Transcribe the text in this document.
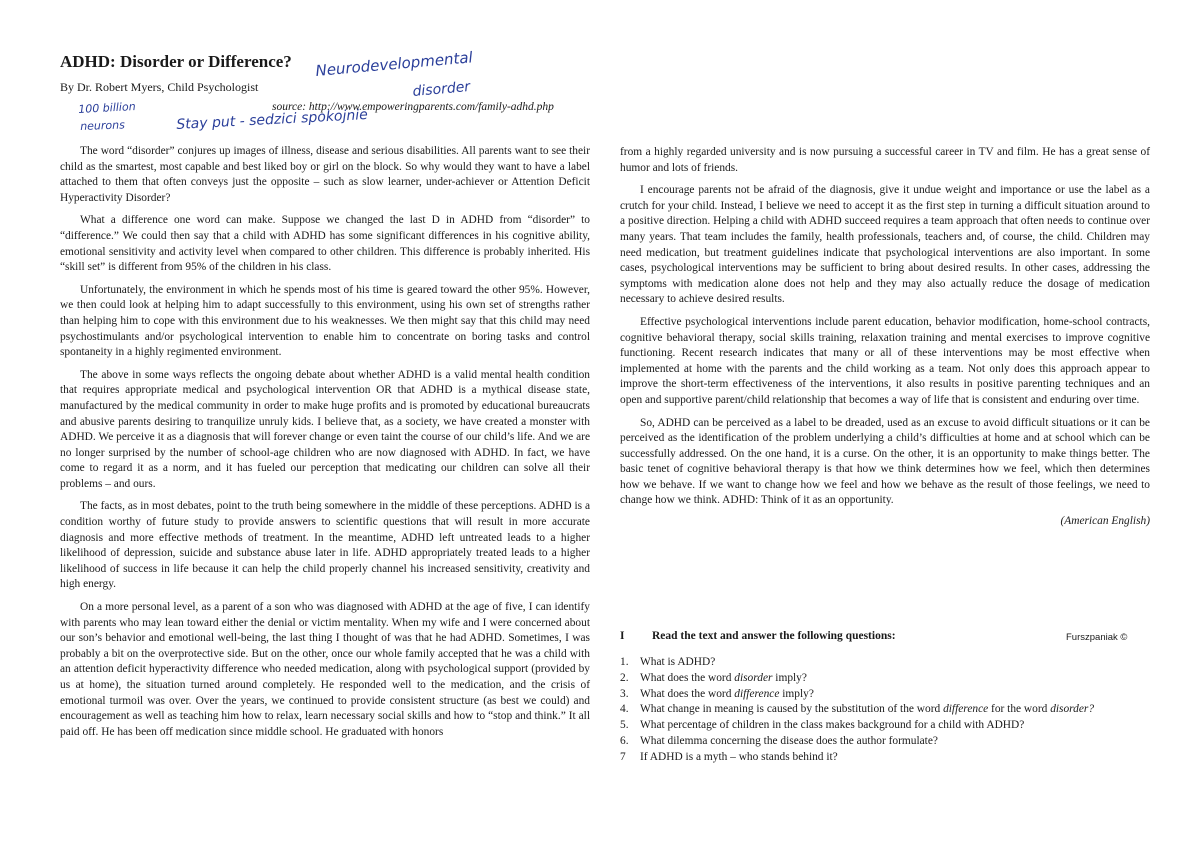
ADHD: Disorder or Difference?
By Dr. Robert Myers, Child Psychologist
source: http://www.empoweringparents.com/family-adhd.php
Neurodevelopmental
disorder
100 billion
neurons	Stay put - sedzici spokojnie

The word “disorder” conjures up images of illness, disease and serious disabilities. All parents want to see their child as the smartest, most capable and best liked boy or girl on the block. So why would they want to have a label attached to them that often conveys just the opposite – such as slow learner, under-achiever or Attention Deficit Hyperactivity Disorder?

What a difference one word can make. Suppose we changed the last D in ADHD from “disorder” to “difference.” We could then say that a child with ADHD has some significant differences in his cognitive ability, emotional sensitivity and activity level when compared to other children. This difference is probably inherited. His “skill set” is different from 95% of the children in his class.

Unfortunately, the environment in which he spends most of his time is geared toward the other 95%. However, we then could look at helping him to adapt successfully to this environment, using his own set of strengths rather than helping him to cope with this environment due to his weaknesses. We then might say that this child may need psychostimulants and/or psychological intervention to enable him to concentrate on boring tasks and control spontaneity in a highly regimented environment.

The above in some ways reflects the ongoing debate about whether ADHD is a valid mental health condition that requires appropriate medical and psychological intervention OR that ADHD is a mythical disease state, manufactured by the medical community in order to make huge profits and is promoted by educational bureaucrats and abusive parents desiring to tranquilize unruly kids. I believe that, as a society, we have created a monster with ADHD. We perceive it as a diagnosis that will forever change or even taint the course of our child’s life. And we are no longer surprised by the number of school-age children who are now diagnosed with ADHD. In fact, we have come to regard it as a norm, and it has fueled our perception that medicating our children can solve all their problems – and ours.

The facts, as in most debates, point to the truth being somewhere in the middle of these perceptions. ADHD is a condition worthy of future study to provide answers to scientific questions that will result in more accurate diagnosis and more effective methods of treatment. In the meantime, ADHD left untreated leads to a higher likelihood of depression, suicide and substance abuse later in life. ADHD appropriately treated leads to a higher likelihood of success in life because it can help the child properly channel his increased sensitivity, creativity and high energy.

On a more personal level, as a parent of a son who was diagnosed with ADHD at the age of five, I can identify with parents who may lean toward either the denial or victim mentality. When my wife and I were concerned about our son’s behavior and emotional well-being, the last thing I thought of was that he had ADHD. Sometimes, I was probably a bit on the overprotective side. But on the other, once our whole family accepted that he was a child with an attention deficit hyperactivity difference who needed medication, along with psychological support (provided by us at home), the situation turned around completely. He responded well to the medication, and the crisis of emotional turmoil was over. Over the years, we continued to provide consistent structure (as best we could) and encouragement as well as teaching him how to relax, learn necessary social skills and how to “stop and think.” It all paid off. He has been off medication since middle school. He graduated with honors

from a highly regarded university and is now pursuing a successful career in TV and film. He has a great sense of humor and lots of friends.

I encourage parents not be afraid of the diagnosis, give it undue weight and importance or use the label as a crutch for your child. Instead, I believe we need to accept it as the first step in turning a difficult situation around to a positive direction. Helping a child with ADHD succeed requires a team approach that often needs to continue over many years. That team includes the family, health professionals, teachers and, of course, the child. Children may need medication, but treatment guidelines indicate that psychological interventions are also important. In some cases, psychological interventions may be sufficient to bring about desired results. In other cases, addressing the symptoms with medication alone does not help and they may also actually reduce the dosage of medication necessary to achieve desired results.

Effective psychological interventions include parent education, behavior modification, home-school contracts, cognitive behavioral therapy, social skills training, relaxation training and mental exercises to improve cognitive functioning. Recent research indicates that many or all of these interventions may be most effective when implemented at home with the parents and the child working as a team. Not only does this approach appear to improve the short-term effectiveness of the interventions, it also results in positive parenting techniques and an open and supportive parent/child relationship that becomes a way of life that is consistent and enduring over time.

So, ADHD can be perceived as a label to be dreaded, used as an excuse to avoid difficult situations or it can be perceived as the identification of the problem underlying a child’s difficulties at home and at school which can be successfully addressed. On the one hand, it is a curse. On the other, it is an opportunity to make things better. The basic tenet of cognitive behavioral therapy is that how we think determines how we feel, which then determines how we behave. If we want to change how we feel and how we behave as the result of those feelings, we need to change how we think. ADHD: Think of it as an opportunity.

(American English)
I Read the text and answer the following questions:	Furszpaniak ©
1. What is ADHD?
2. What does the word disorder imply?
3. What does the word difference imply?
4. What change in meaning is caused by the substitution of the word difference for the word disorder?
5. What percentage of children in the class makes background for a child with ADHD?
6. What dilemma concerning the disease does the author formulate?
7 If ADHD is a myth – who stands behind it?
